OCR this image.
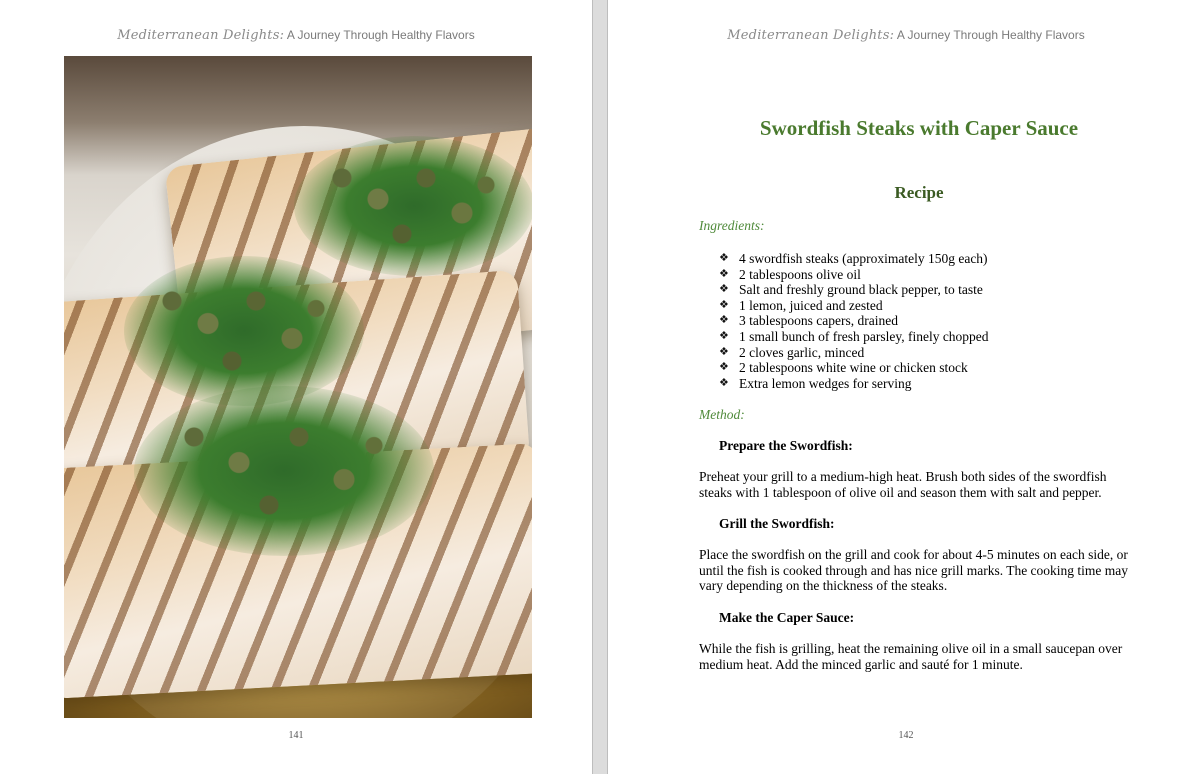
Mediterranean Delights: A Journey Through Healthy Flavors
141
Mediterranean Delights: A Journey Through Healthy Flavors
Swordfish Steaks with Caper Sauce
Recipe

Ingredients:

❖ 4 swordfish steaks (approximately 150g each)
❖ 2 tablespoons olive oil
❖ Salt and freshly ground black pepper, to taste
❖ 1 lemon, juiced and zested
❖ 3 tablespoons capers, drained
❖ 1 small bunch of fresh parsley, finely chopped
❖ 2 cloves garlic, minced
❖ 2 tablespoons white wine or chicken stock
❖ Extra lemon wedges for serving

Method:

Prepare the Swordfish:

Preheat your grill to a medium-high heat. Brush both sides of the swordfish steaks with 1 tablespoon of olive oil and season them with salt and pepper.

Grill the Swordfish:

Place the swordfish on the grill and cook for about 4-5 minutes on each side, or until the fish is cooked through and has nice grill marks. The cooking time may vary depending on the thickness of the steaks.

Make the Caper Sauce:

While the fish is grilling, heat the remaining olive oil in a small saucepan over medium heat. Add the minced garlic and sauté for 1 minute.

142
